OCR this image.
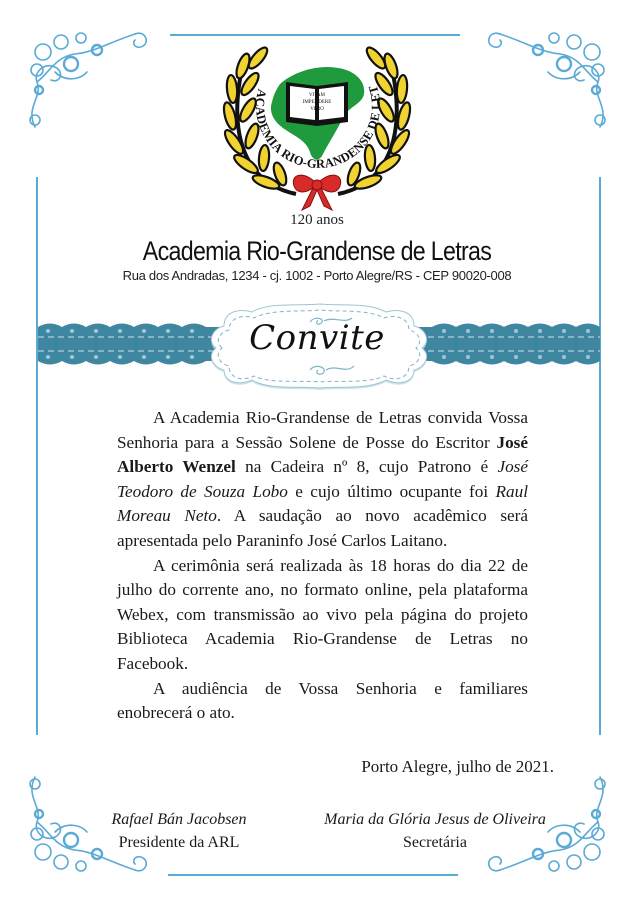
VITAM
IMPENDERE
VERO
ACADEMIA RIO-GRANDENSE DE LET
120 anos
Academia Rio-Grandense de Letras
Rua dos Andradas, 1234 - cj. 1002 - Porto Alegre/RS - CEP 90020-008
Convite

A Academia Rio-Grandense de Letras convida Vossa Senhoria para a Sessão Solene de Posse do Escritor José Alberto Wenzel na Cadeira nº 8, cujo Patrono é José Teodoro de Souza Lobo e cujo último ocupante foi Raul Moreau Neto. A saudação ao novo acadêmico será apresentada pelo Paraninfo José Carlos Laitano.

A cerimônia será realizada às 18 horas do dia 22 de julho do corrente ano, no formato online, pela plataforma Webex, com transmissão ao vivo pela página do projeto Biblioteca Academia Rio-Grandense de Letras no Facebook.

A audiência de Vossa Senhoria e familiares enobrecerá o ato.

Porto Alegre, julho de 2021.
Rafael Bán Jacobsen
Presidente da ARL
Maria da Glória Jesus de Oliveira
Secretária
